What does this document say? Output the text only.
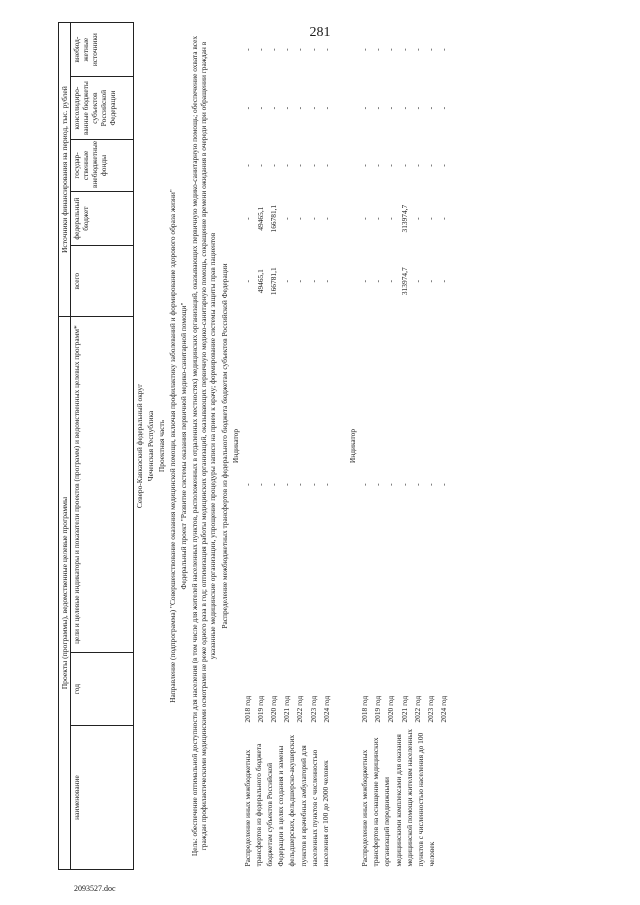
281
Проекты (программы), ведомственные целевые программы			Источники финансирования на период, тыс. рублей				
наименование	год	цели и целевые индикаторы и показатели проектов (программ) и ведомственных целевых программ*	всего	федеральный бюджет	государ-ственные внебюджетные фонды	консолидиро-ванные бюджеты субъектов Российской Федерации	внебюд-жетные источники
Северо-Кавказский федеральный округ							
Чеченская Республика							
Проектная часть							
Направление (подпрограмма) "Совершенствование оказания медицинской помощи, включая профилактику заболеваний и формирование здорового образа жизни"							
Федеральный проект "Развитие системы оказания первичной медико-санитарной помощи"							
Цель: обеспечение оптимальной доступности для населения (в том числе для жителей населенных пунктов, расположенных в отдаленных местностях) медицинских организаций, оказывающих первичную медико-санитарную помощь; обеспечение охвата всех граждан профилактическими медицинскими осмотрами не реже одного раза в год; оптимизация работы медицинских организаций, оказывающих первичную медико-санитарную помощь, сокращение времени ожидания в очереди при обращении граждан в указанные медицинские организации, упрощение процедуры записи на прием к врачу; формирование системы защиты прав пациентов							
Распределение межбюджетных трансфертов из федерального бюджета бюджетам субъектов Российской Федерации							
Индикатор							
Распределение иных межбюджетных трансфертов из федерального бюджета бюджетам субъектов Российской Федерации в целях создания и замены фельдшерских, фельдшерско-акушерских пунктов и врачебных амбулаторий для населенных пунктов с численностью населения от 100 до 2000 человек	2018 год	-	-	-	-	-	-
	2019 год	-	49465,1	49465,1	-	-	-
	2020 год	-	166781,1	166781,1	-	-	-
	2021 год	-	-	-	-	-	-
	2022 год	-	-	-	-	-	-
	2023 год	-	-	-	-	-	-
	2024 год	-	-	-	-	-	-

Индикатор							
Распределение иных межбюджетных трансфертов на оснащение медицинских организаций передвижными медицинскими комплексами для оказания медицинской помощи жителям населенных пунктов с численностью населения до 100 человек	2018 год	-	-	-	-	-	-
	2019 год	-	-	-	-	-	-
	2020 год	-	-	-	-	-	-
	2021 год	-	313974,7	313974,7	-	-	-
	2022 год	-	-	-	-	-	-
	2023 год	-	-	-	-	-	-
	2024 год	-	-	-	-	-	-
2093527.doc
